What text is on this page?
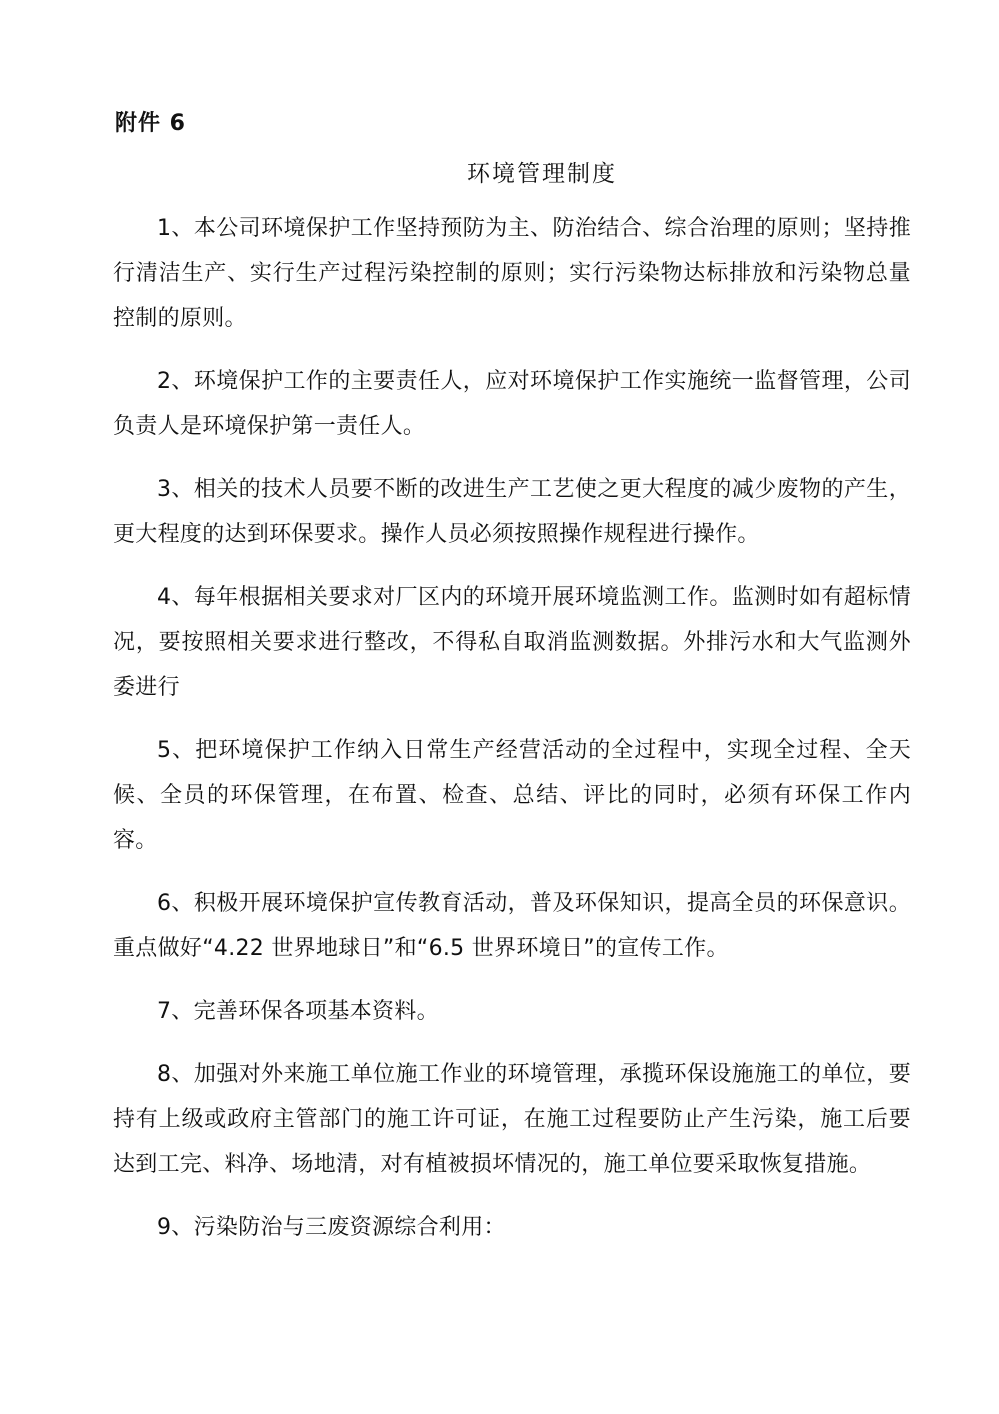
附件 6
环境管理制度

1、本公司环境保护工作坚持预防为主、防治结合、综合治理的原则；坚持推行清洁生产、实行生产过程污染控制的原则；实行污染物达标排放和污染物总量控制的原则。

2、环境保护工作的主要责任人，应对环境保护工作实施统一监督管理，公司负责人是环境保护第一责任人。

3、相关的技术人员要不断的改进生产工艺使之更大程度的减少废物的产生，更大程度的达到环保要求。操作人员必须按照操作规程进行操作。

4、每年根据相关要求对厂区内的环境开展环境监测工作。监测时如有超标情况，要按照相关要求进行整改，不得私自取消监测数据。外排污水和大气监测外委进行

5、把环境保护工作纳入日常生产经营活动的全过程中，实现全过程、全天候、全员的环保管理，在布置、检查、总结、评比的同时，必须有环保工作内容。

6、积极开展环境保护宣传教育活动，普及环保知识，提高全员的环保意识。重点做好“4.22 世界地球日”和“6.5 世界环境日”的宣传工作。

7、完善环保各项基本资料。

8、加强对外来施工单位施工作业的环境管理，承揽环保设施施工的单位，要持有上级或政府主管部门的施工许可证，在施工过程要防止产生污染，施工后要达到工完、料净、场地清，对有植被损坏情况的，施工单位要采取恢复措施。

9、污染防治与三废资源综合利用：
